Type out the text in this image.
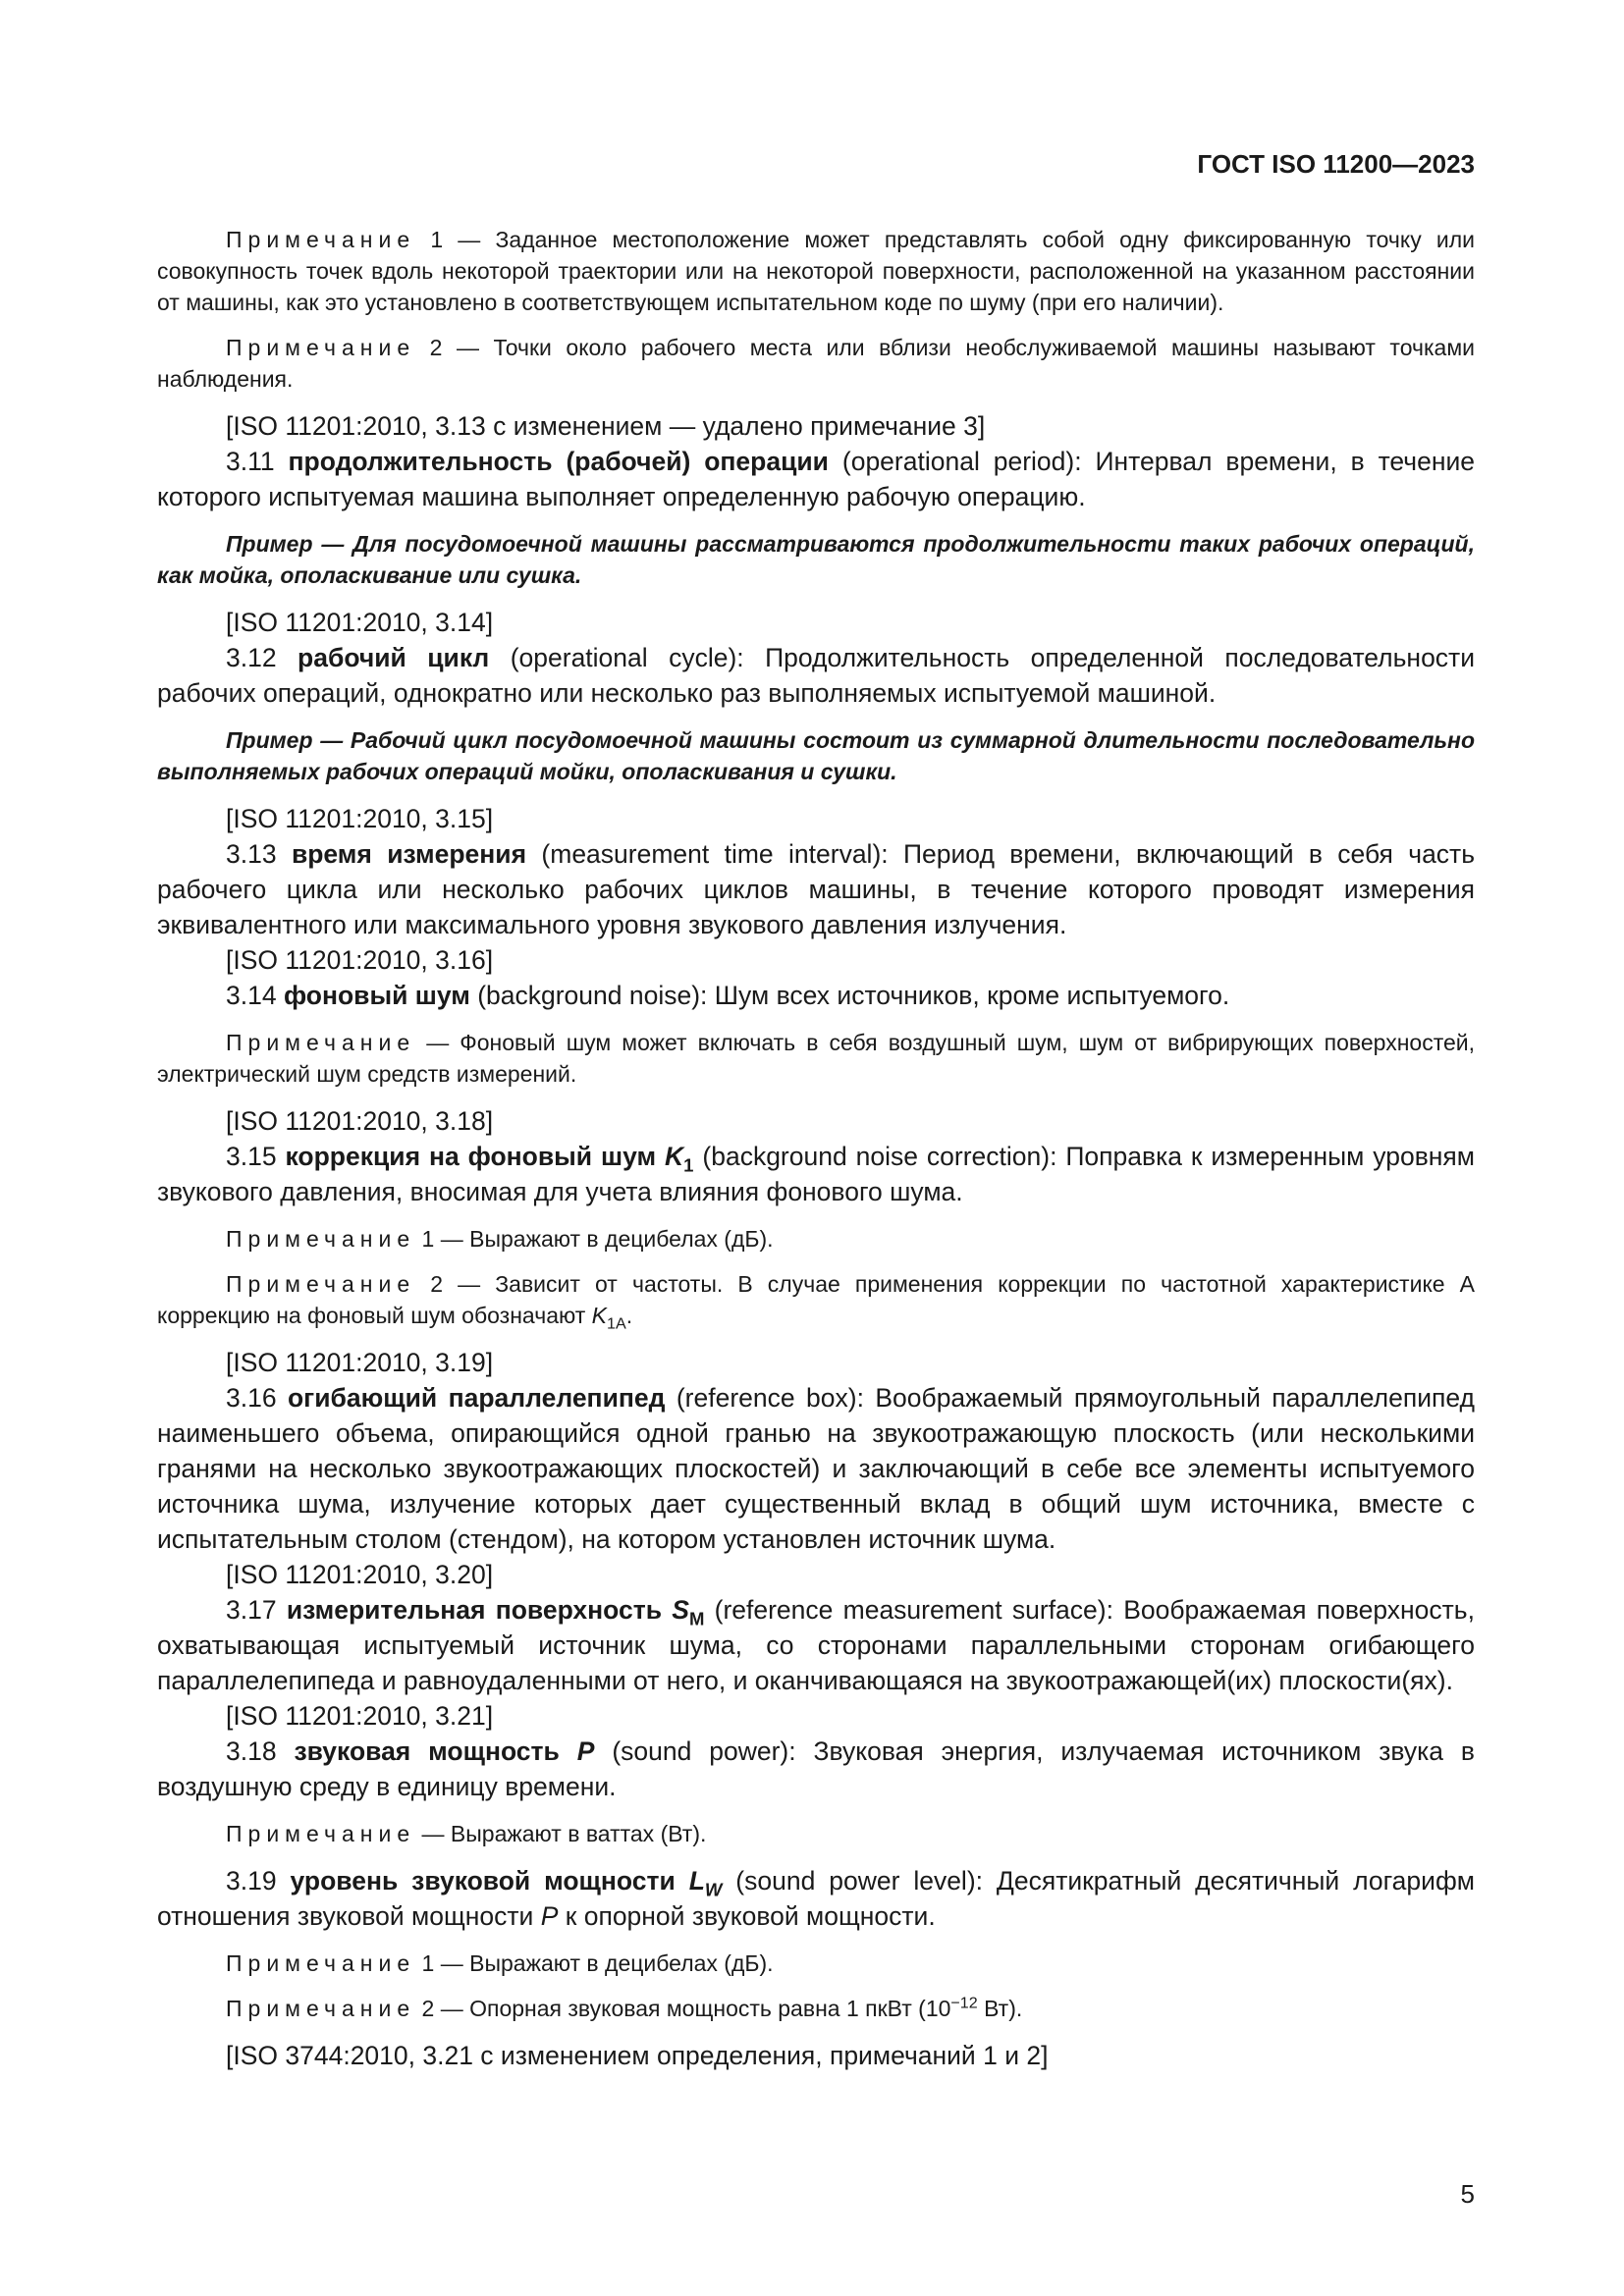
ГОСТ ISO 11200—2023

Примечание 1 — Заданное местоположение может представлять собой одну фиксированную точку или совокупность точек вдоль некоторой траектории или на некоторой поверхности, расположенной на указанном расстоянии от машины, как это установлено в соответствующем испытательном коде по шуму (при его наличии).

Примечание 2 — Точки около рабочего места или вблизи необслуживаемой машины называют точками наблюдения.

[ISO 11201:2010, 3.13 с изменением — удалено примечание 3]

3.11 продолжительность (рабочей) операции (operational period): Интервал времени, в течение которого испытуемая машина выполняет определенную рабочую операцию.

Пример — Для посудомоечной машины рассматриваются продолжительности таких рабочих операций, как мойка, ополаскивание или сушка.

[ISO 11201:2010, 3.14]

3.12 рабочий цикл (operational cycle): Продолжительность определенной последовательности рабочих операций, однократно или несколько раз выполняемых испытуемой машиной.

Пример — Рабочий цикл посудомоечной машины состоит из суммарной длительности последовательно выполняемых рабочих операций мойки, ополаскивания и сушки.

[ISO 11201:2010, 3.15]

3.13 время измерения (measurement time interval): Период времени, включающий в себя часть рабочего цикла или несколько рабочих циклов машины, в течение которого проводят измерения эквивалентного или максимального уровня звукового давления излучения.

[ISO 11201:2010, 3.16]

3.14 фоновый шум (background noise): Шум всех источников, кроме испытуемого.

Примечание — Фоновый шум может включать в себя воздушный шум, шум от вибрирующих поверхностей, электрический шум средств измерений.

[ISO 11201:2010, 3.18]

3.15 коррекция на фоновый шум $K_1$ (background noise correction): Поправка к измеренным уровням звукового давления, вносимая для учета влияния фонового шума.

Примечание 1 — Выражают в децибелах (дБ).

Примечание 2 — Зависит от частоты. В случае применения коррекции по частотной характеристике A коррекцию на фоновый шум обозначают $K_{1A}$.

[ISO 11201:2010, 3.19]

3.16 огибающий параллелепипед (reference box): Воображаемый прямоугольный параллелепипед наименьшего объема, опирающийся одной гранью на звукоотражающую плоскость (или несколькими гранями на несколько звукоотражающих плоскостей) и заключающий в себе все элементы испытуемого источника шума, излучение которых дает существенный вклад в общий шум источника, вместе с испытательным столом (стендом), на котором установлен источник шума.

[ISO 11201:2010, 3.20]

3.17 измерительная поверхность $S_M$ (reference measurement surface): Воображаемая поверхность, охватывающая испытуемый источник шума, со сторонами параллельными сторонам огибающего параллелепипеда и равноудаленными от него, и оканчивающаяся на звукоотражающей(их) плоскости(ях).

[ISO 11201:2010, 3.21]

3.18 звуковая мощность P (sound power): Звуковая энергия, излучаемая источником звука в воздушную среду в единицу времени.

Примечание — Выражают в ваттах (Вт).

3.19 уровень звуковой мощности $L_W$ (sound power level): Десятикратный десятичный логарифм отношения звуковой мощности P к опорной звуковой мощности.

Примечание 1 — Выражают в децибелах (дБ).

Примечание 2 — Опорная звуковая мощность равна 1 пкВт ($10^{-12}$ Вт).

[ISO 3744:2010, 3.21 с изменением определения, примечаний 1 и 2]

5
